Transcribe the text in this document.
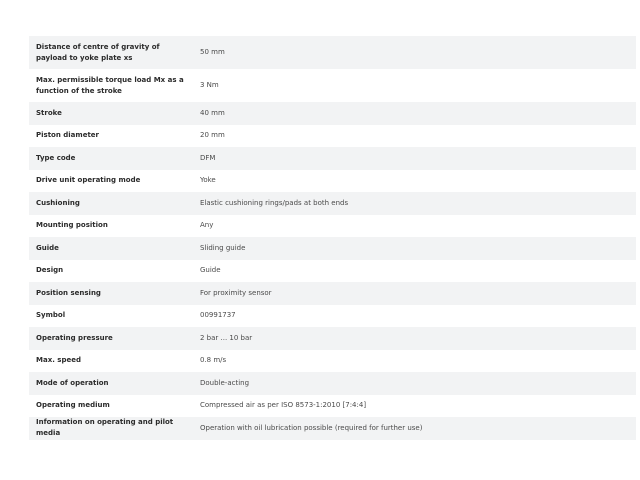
Distance of centre of gravity of payload to yoke plate xs	50 mm
Max. permissible torque load Mx as a function of the stroke	3 Nm
Stroke	40 mm
Piston diameter	20 mm
Type code	DFM
Drive unit operating mode	Yoke
Cushioning	Elastic cushioning rings/pads at both ends
Mounting position	Any
Guide	Sliding guide
Design	Guide
Position sensing	For proximity sensor
Symbol	00991737
Operating pressure	2 bar ... 10 bar
Max. speed	0.8 m/s
Mode of operation	Double-acting
Operating medium	Compressed air as per ISO 8573-1:2010 [7:4:4]
Information on operating and pilot media	Operation with oil lubrication possible (required for further use)
